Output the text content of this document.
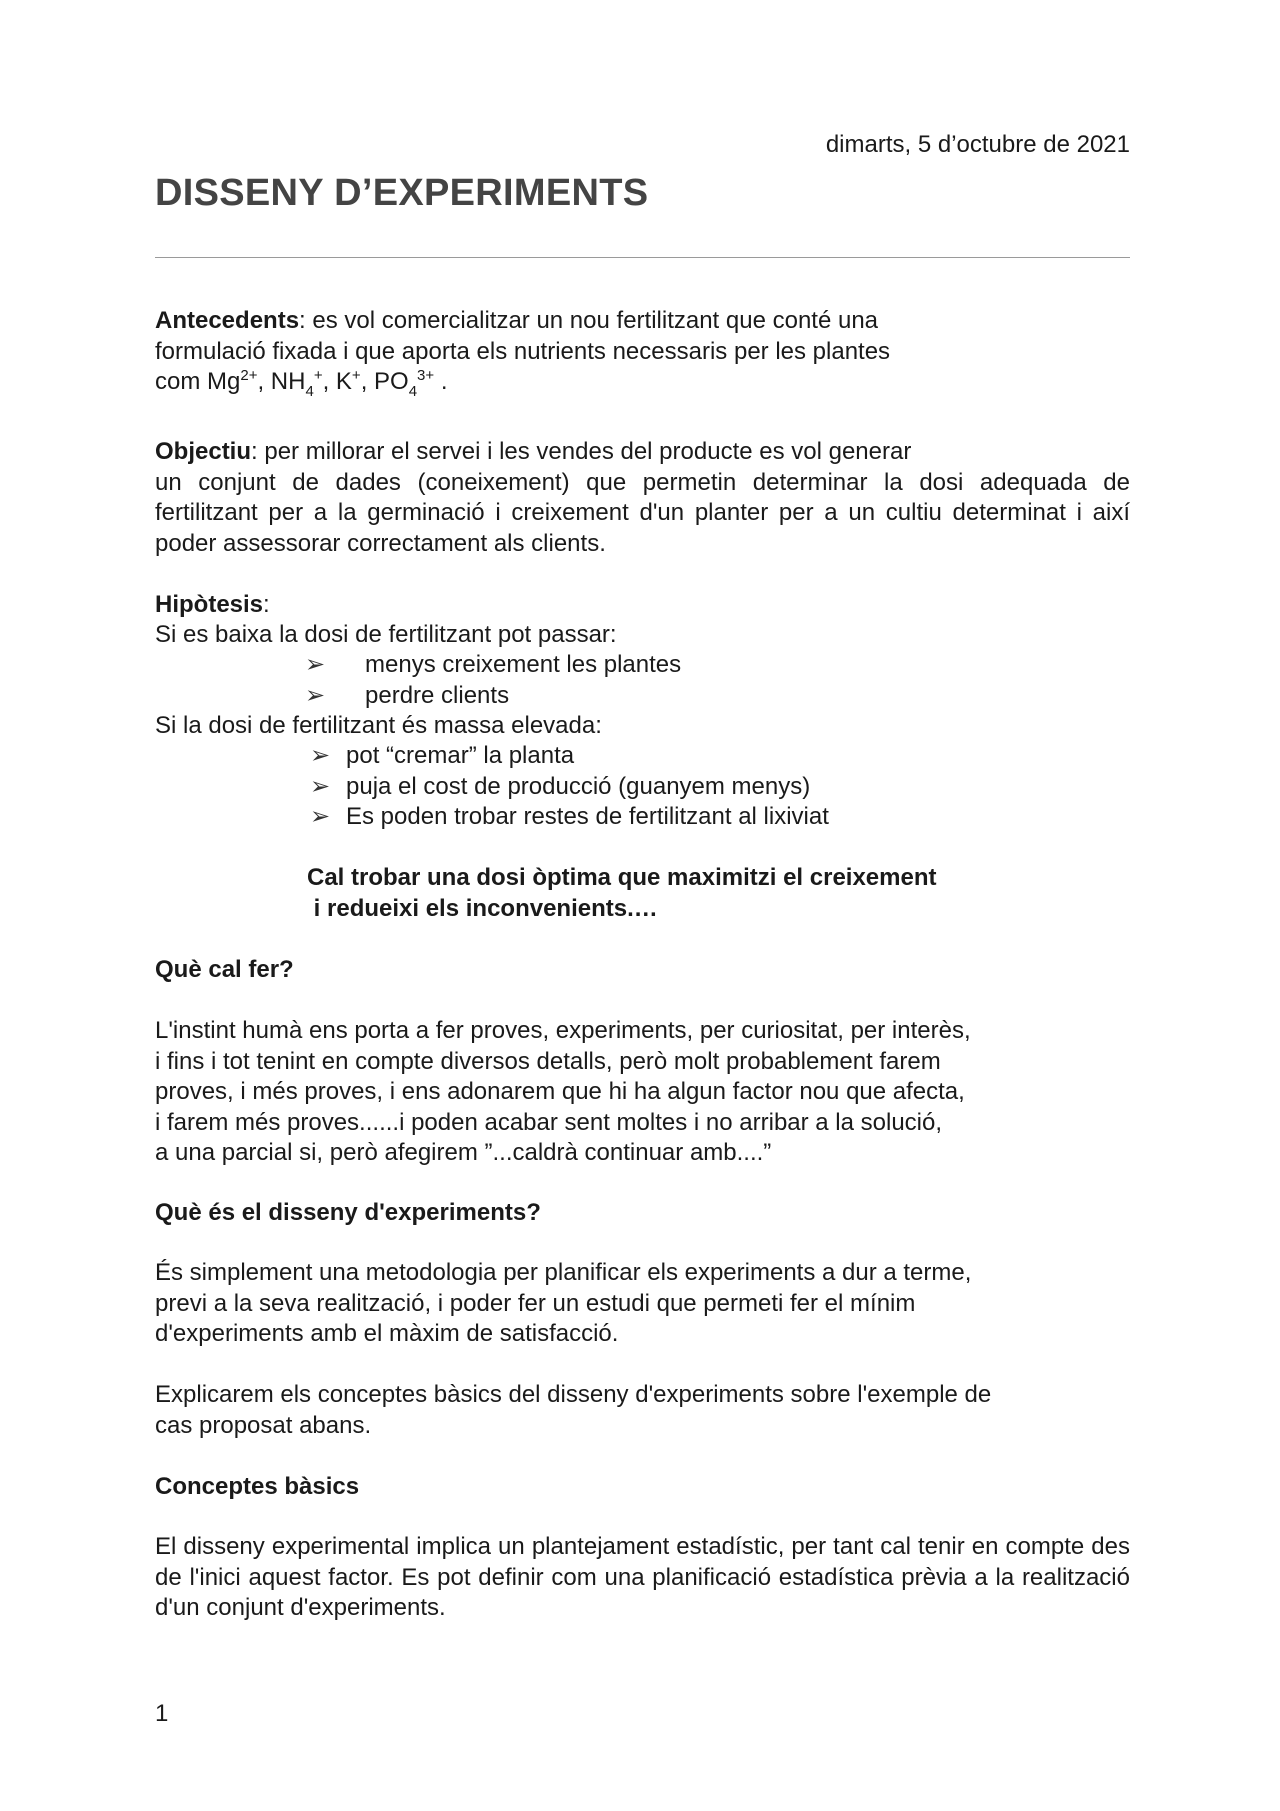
dimarts, 5 d’octubre de 2021
DISSENY D’EXPERIMENTS
Antecedents: es vol comercialitzar un nou fertilitzant que conté una
formulació fixada i que aporta els nutrients necessaris per les plantes
com $Mg^{2+}$, $NH_4^+$, K+, $PO_4^{3+}$ .
Objectiu: per millorar el servei i les vendes del producte es vol generar
un conjunt de dades (coneixement) que permetin determinar la dosi adequada de fertilitzant per a la germinació i creixement d'un planter per a un cultiu determinat i així poder assessorar correctament als clients.
Hipòtesis:
Si es baixa la dosi de fertilitzant pot passar:
➢	menys creixement les plantes
➢	perdre clients
Si la dosi de fertilitzant és massa elevada:
➢ pot “cremar” la planta
➢ puja el cost de producció (guanyem menys)
➢ Es poden trobar restes de fertilitzant al lixiviat
Cal trobar una dosi òptima que maximitzi el creixement
i redueixi els inconvenients.…
Què cal fer?
L'instint humà ens porta a fer proves, experiments, per curiositat, per interès,
i fins i tot tenint en compte diversos detalls, però molt probablement farem
proves, i més proves, i ens adonarem que hi ha algun factor nou que afecta,
i farem més proves......i poden acabar sent moltes i no arribar a la solució,
a una parcial si, però afegirem ”...caldrà continuar amb....”
Què és el disseny d'experiments?
És simplement una metodologia per planificar els experiments a dur a terme,
previ a la seva realització, i poder fer un estudi que permeti fer el mínim
d'experiments amb el màxim de satisfacció.
Explicarem els conceptes bàsics del disseny d'experiments sobre l'exemple de
cas proposat abans.
Conceptes bàsics
El disseny experimental implica un plantejament estadístic, per tant cal tenir en compte des de l'inici aquest factor. Es pot definir com una planificació estadística prèvia a la realització d'un conjunt d'experiments.
1
